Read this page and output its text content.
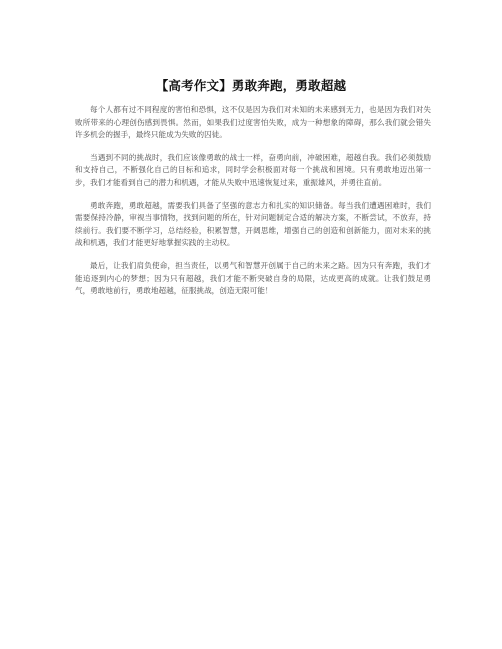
【高考作文】勇敢奔跑，勇敢超越

每个人都有过不同程度的害怕和恐惧，这不仅是因为我们对未知的未来感到无力，也是因为我们对失败所带来的心理创伤感到畏惧。然而，如果我们过度害怕失败，成为一种想象的障碍，那么我们就会错失许多机会的握手，最终只能成为失败的囚徒。

当遇到不同的挑战时，我们应该像勇敢的战士一样，奋勇向前，冲破困难，超越自我。我们必须鼓励和支持自己，不断强化自己的目标和追求，同时学会积极面对每一个挑战和困境。只有勇敢地迈出第一步，我们才能看到自己的潜力和机遇，才能从失败中迅速恢复过来，重振雄风，并勇往直前。

勇敢奔跑，勇敢超越，需要我们具备了坚强的意志力和扎实的知识储备。每当我们遭遇困难时，我们需要保持冷静，审视当事情物，找到问题的所在，针对问题制定合适的解决方案，不断尝试，不放弃，持续前行。我们要不断学习，总结经验，积累智慧，开阔思维，增强自己的创造和创新能力，面对未来的挑战和机遇，我们才能更好地掌握实践的主动权。

最后，让我们肩负使命，担当责任，以勇气和智慧开创属于自己的未来之路。因为只有奔跑，我们才能追逐到内心的梦想；因为只有超越，我们才能不断突破自身的局限，达成更高的成就。让我们鼓足勇气，勇敢地前行，勇敢地超越，征服挑战，创造无限可能！
